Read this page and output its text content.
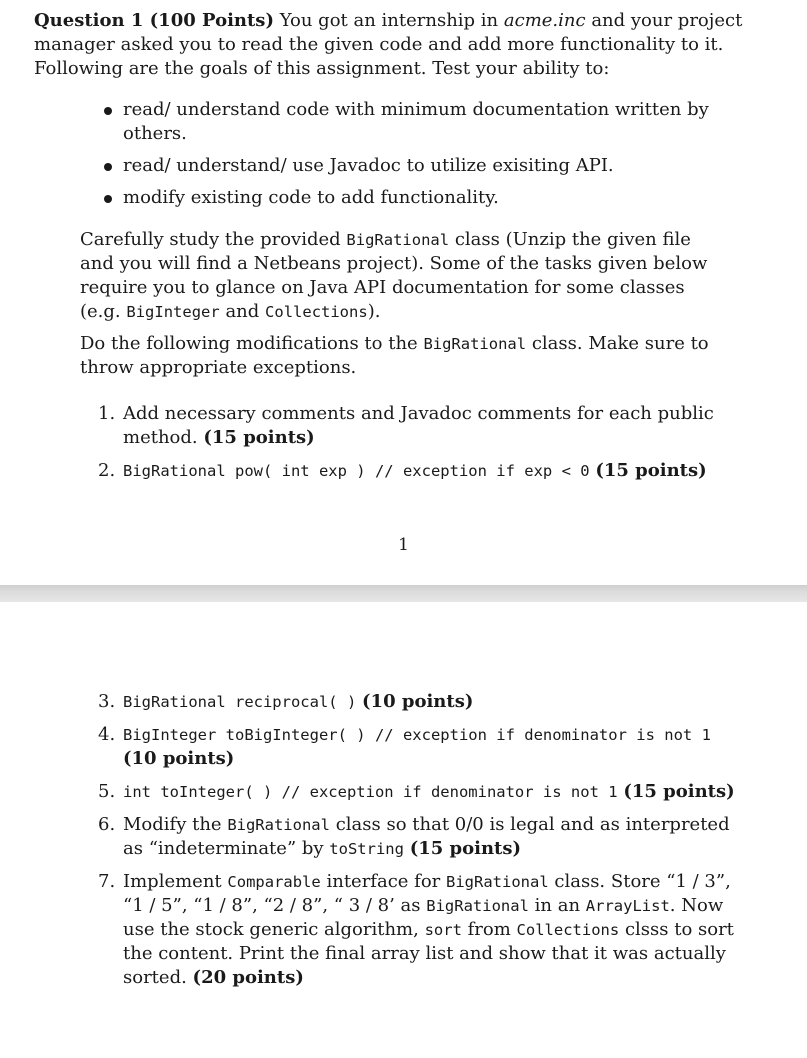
Question 1 (100 Points) You got an internship in acme.inc and your project manager asked you to read the given code and add more functionality to it. Following are the goals of this assignment. Test your ability to:
read/ understand code with minimum documentation written by others.
read/ understand/ use Javadoc to utilize exisiting API.
modify existing code to add functionality.

Carefully study the provided BigRational class (Unzip the given file and you will find a Netbeans project). Some of the tasks given below require you to glance on Java API documentation for some classes (e.g. BigInteger and Collections).

Do the following modifications to the BigRational class. Make sure to throw appropriate exceptions.

1. Add necessary comments and Javadoc comments for each public method. (15 points)
2. BigRational pow( int exp ) // exception if exp < 0 (15 points)
1
3. BigRational reciprocal( ) (10 points)
4. BigInteger toBigInteger( ) // exception if denominator is not 1 (10 points)
5. int toInteger( ) // exception if denominator is not 1 (15 points)
6. Modify the BigRational class so that 0/0 is legal and as interpreted as “indeterminate” by toString (15 points)
7. Implement Comparable interface for BigRational class. Store “1 / 3”, “1 / 5”, “1 / 8”, “2 / 8”, “ 3 / 8’ as BigRational in an ArrayList. Now use the stock generic algorithm, sort from Collections clsss to sort the content. Print the final array list and show that it was actually sorted. (20 points)
